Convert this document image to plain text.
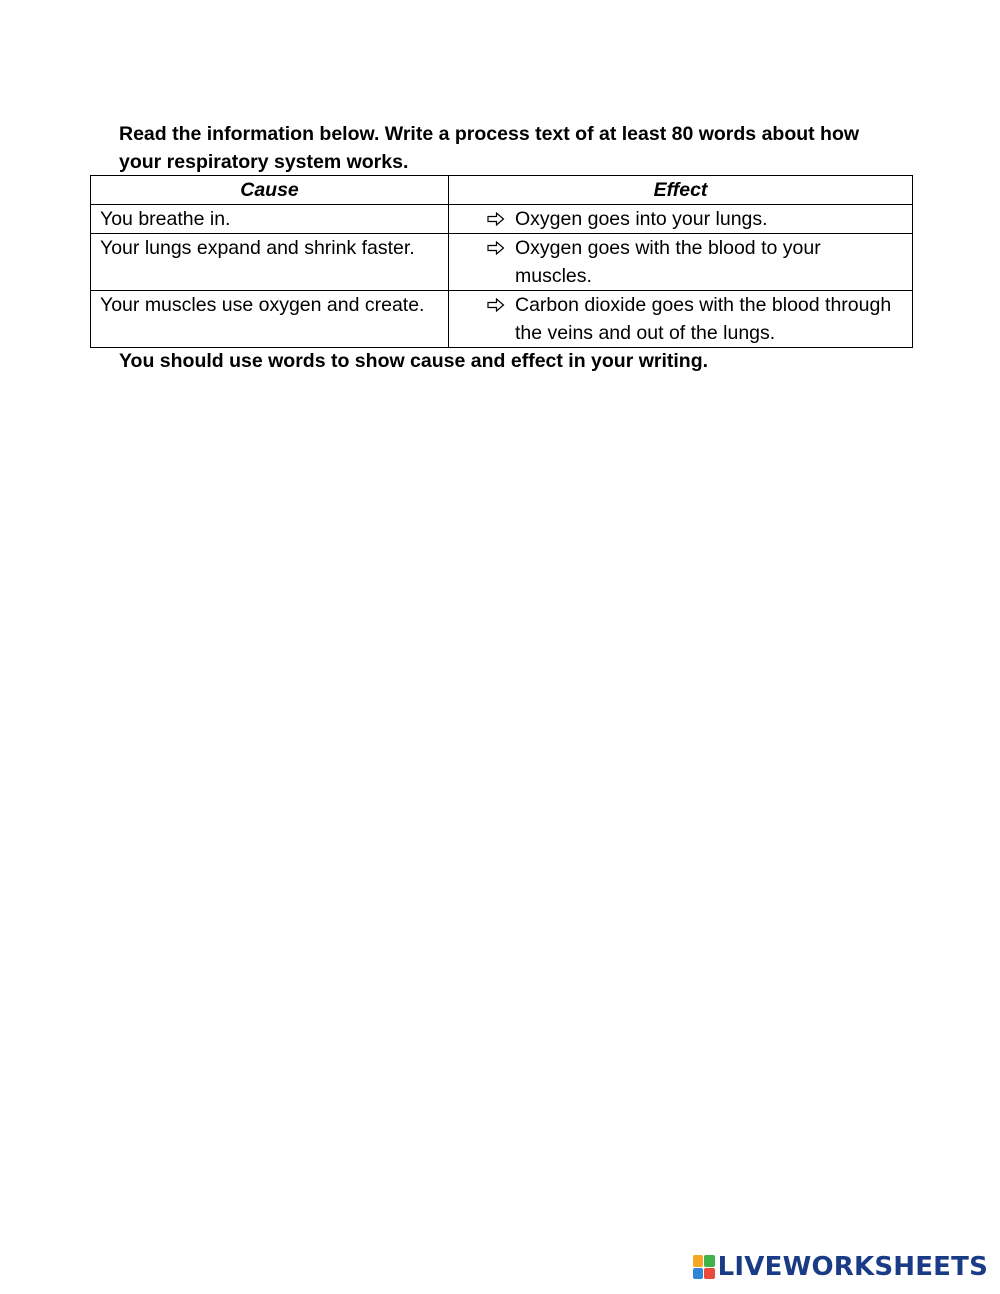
Read the information below. Write a process text of at least 80 words about how your respiratory system works.
Cause	Effect
You breathe in.	Oxygen goes into your lungs.

Your lungs expand and shrink faster.	Oxygen goes with the blood to your muscles.

Your muscles use oxygen and create.	Carbon dioxide goes with the blood through the veins and out of the lungs.
You should use words to show cause and effect in your writing.
LIVEWORKSHEETS
